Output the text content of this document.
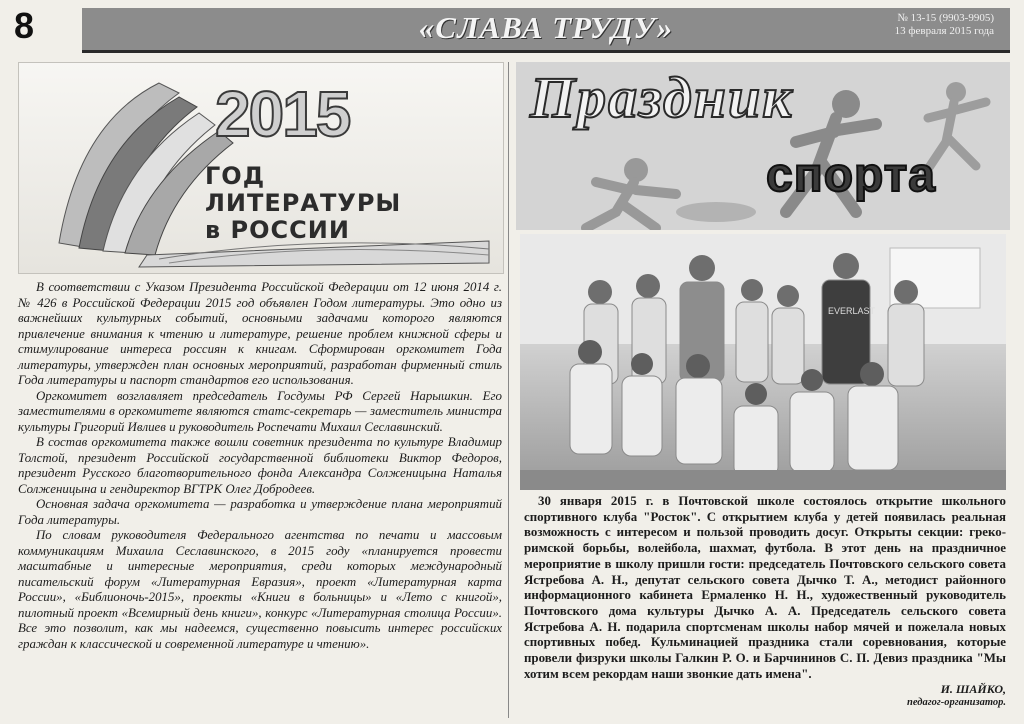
8	«СЛАВА ТРУДУ»	№ 13-15 (9903-9905)
13 февраля 2015 года
2015
ГОД
ЛИТЕРАТУРЫ
в РОССИИ

В соответствии с Указом Президента Российской Федерации от 12 июня 2014 г. № 426 в Российской Федерации 2015 год объявлен Годом литературы. Это одно из важнейших культурных событий, основными задачами которого являются привлечение внимания к чтению и литературе, решение проблем книжной сферы и стимулирование интереса россиян к книгам. Сформирован оргкомитет Года литературы, утвержден план основных мероприятий, разработан фирменный стиль Года литературы и паспорт стандартов его использования.

Оргкомитет возглавляет председатель Госдумы РФ Сергей Нарышкин. Его заместителями в оргкомитете являются статс-секретарь — заместитель министра культуры Григорий Ивлиев и руководитель Роспечати Михаил Сеславинский.

В состав оргкомитета также вошли советник президента по культуре Владимир Толстой, президент Российской государственной библиотеки Виктор Федоров, президент Русского благотворительного фонда Александра Солженицына Наталья Солженицына и гендиректор ВГТРК Олег Добродеев.

Основная задача оргкомитета — разработка и утверждение плана мероприятий Года литературы.

По словам руководителя Федерального агентства по печати и массовым коммуникациям Михаила Сеславинского, в 2015 году «планируется провести масштабные и интересные мероприятия, среди которых международный писательский форум «Литературная Евразия», проект «Литературная карта России», «Библионочь-2015», проекты «Книги в больницы» и «Лето с книгой», пилотный проект «Всемирный день книги», конкурс «Литературная столица России». Все это позволит, как мы надеемся, существенно повысить интерес российских граждан к классической и современной литературе и чтению».

Праздник
спорта
EVERLAST

30 января 2015 г. в Почтовской школе состоялось открытие школьного спортивного клуба "Росток". С открытием клуба у детей появилась реальная возможность с интересом и пользой проводить досуг. Открыты секции: греко-римской борьбы, волейбола, шахмат, футбола. В этот день на праздничное мероприятие в школу пришли гости: председатель Почтовского сельского совета Ястребова А. Н., депутат сельского совета Дычко Т. А., методист районного информационного кабинета Ермаленко Н. Н., художественный руководитель Почтовского дома культуры Дычко А. А. Председатель сельского совета Ястребова А. Н. подарила спортсменам школы набор мячей и пожелала новых спортивных побед. Кульминацией праздника стали соревнования, которые провели физруки школы Галкин Р. О. и Барчининов С. П. Девиз праздника "Мы хотим всем рекордам наши звонкие дать имена".

И. ШАЙКО,
педагог-организатор.
